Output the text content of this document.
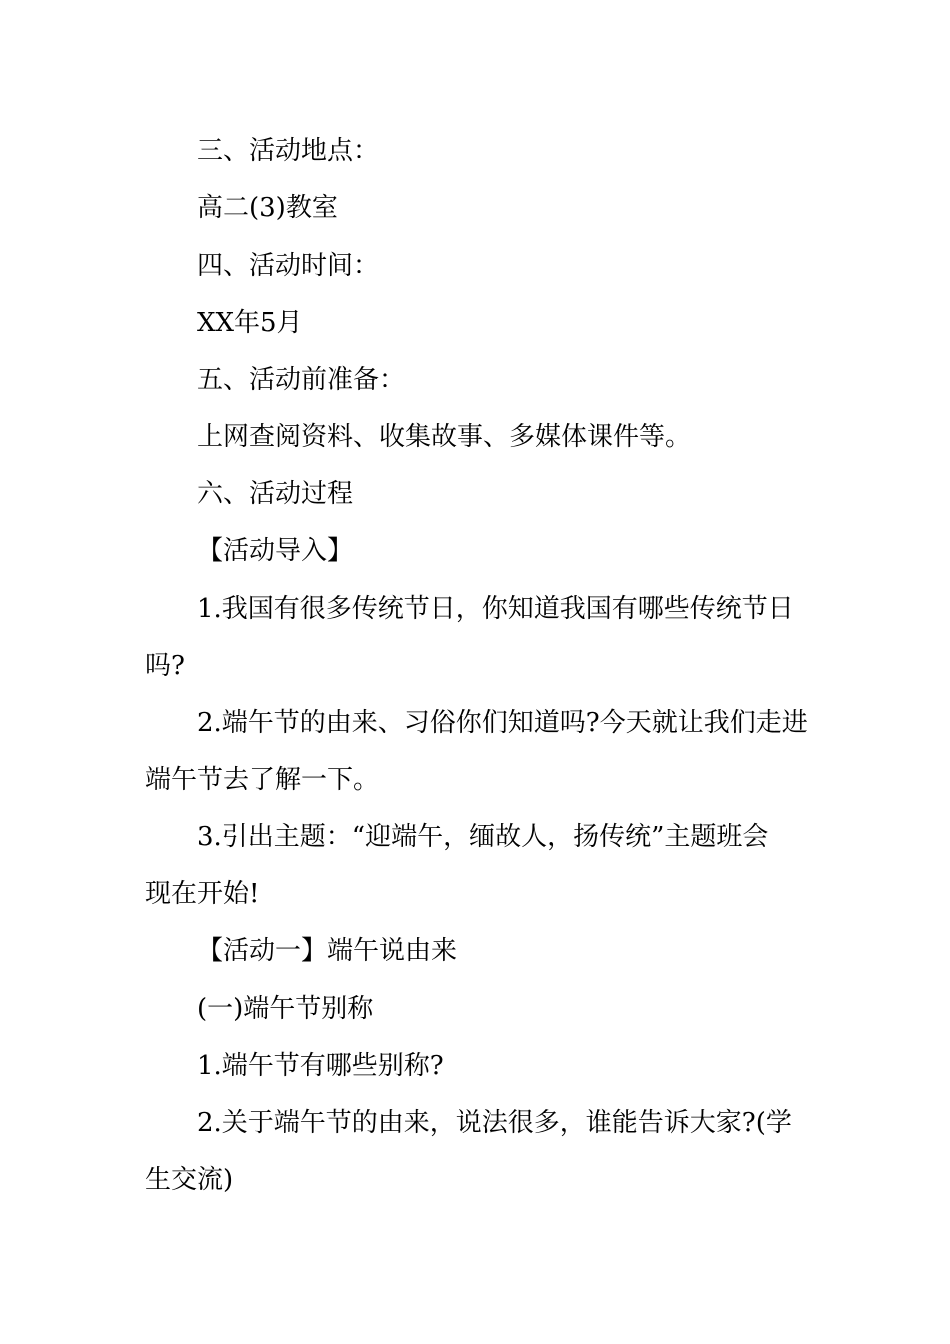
三、活动地点：

高二(3)教室

四、活动时间：

XX年5月

五、活动前准备：

上网查阅资料、收集故事、多媒体课件等。

六、活动过程

【活动导入】

1.我国有很多传统节日，你知道我国有哪些传统节日

吗?

2.端午节的由来、习俗你们知道吗?今天就让我们走进

端午节去了解一下。

3.引出主题：“迎端午，缅故人，扬传统”主题班会

现在开始!

【活动一】端午说由来

(一)端午节别称

1.端午节有哪些别称?

2.关于端午节的由来，说法很多，谁能告诉大家?(学

生交流)
